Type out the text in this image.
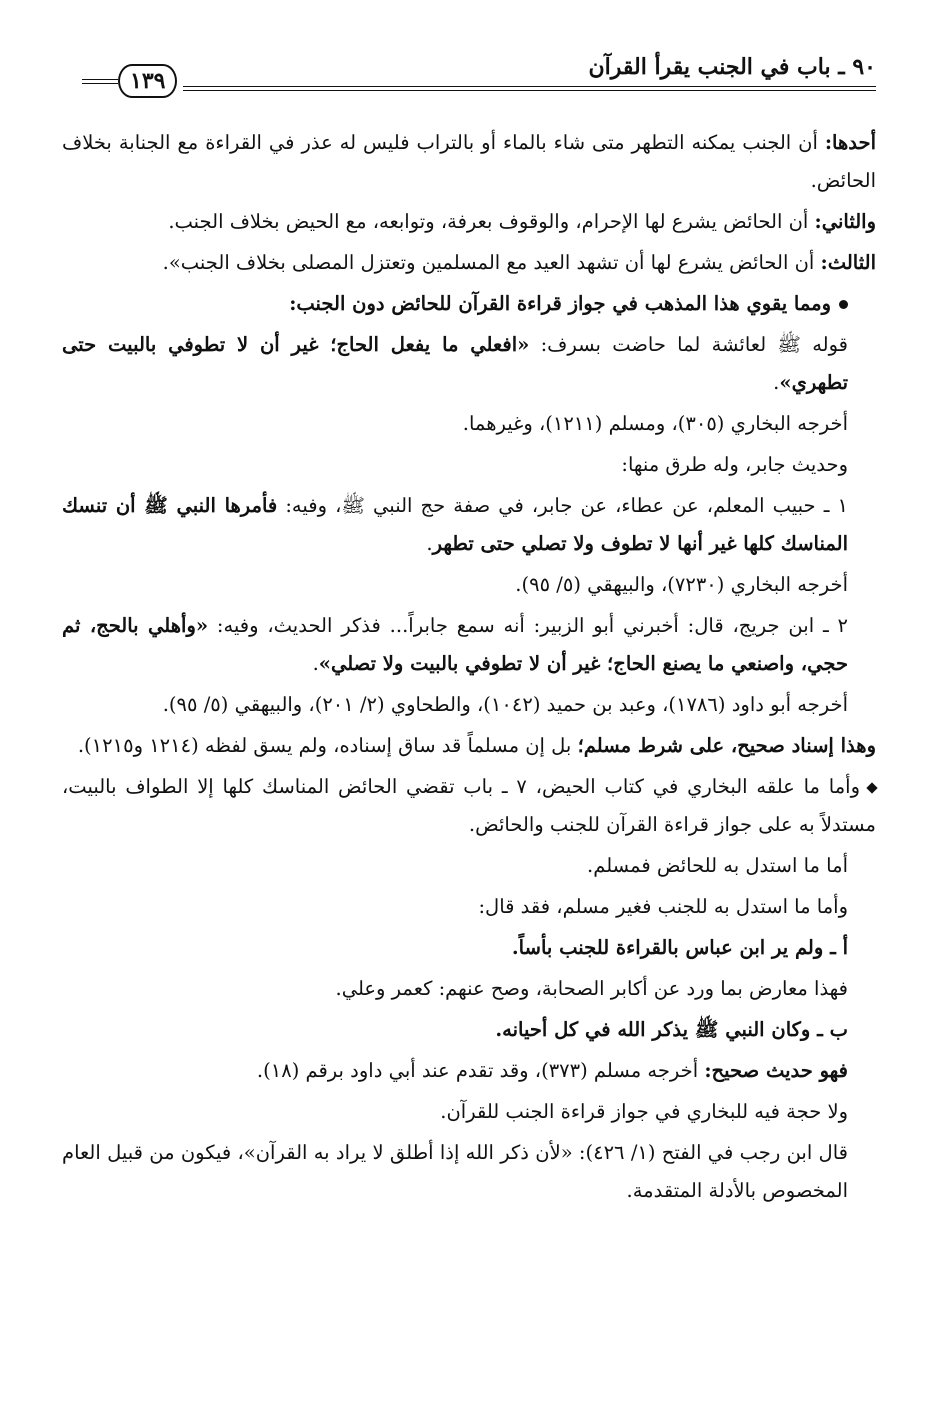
٩٠ ـ باب في الجنب يقرأ القرآن
١٣٩

أحدها: أن الجنب يمكنه التطهر متى شاء بالماء أو بالتراب فليس له عذر في القراءة مع الجنابة بخلاف الحائض.

والثاني: أن الحائض يشرع لها الإحرام، والوقوف بعرفة، وتوابعه، مع الحيض بخلاف الجنب.

الثالث: أن الحائض يشرع لها أن تشهد العيد مع المسلمين وتعتزل المصلى بخلاف الجنب».

ومما يقوي هذا المذهب في جواز قراءة القرآن للحائض دون الجنب:

قوله ﷺ لعائشة لما حاضت بسرف: «افعلي ما يفعل الحاج؛ غير أن لا تطوفي بالبيت حتى تطهري».

أخرجه البخاري (٣٠٥)، ومسلم (١٢١١)، وغيرهما.

وحديث جابر، وله طرق منها:

١ ـ حبيب المعلم، عن عطاء، عن جابر، في صفة حج النبي ﷺ، وفيه: فأمرها النبي ﷺ أن تنسك المناسك كلها غير أنها لا تطوف ولا تصلي حتى تطهر.

أخرجه البخاري (٧٢٣٠)، والبيهقي (٥/ ٩٥).

٢ ـ ابن جريج، قال: أخبرني أبو الزبير: أنه سمع جابراً... فذكر الحديث، وفيه: «وأهلي بالحج، ثم حجي، واصنعي ما يصنع الحاج؛ غير أن لا تطوفي بالبيت ولا تصلي».

أخرجه أبو داود (١٧٨٦)، وعبد بن حميد (١٠٤٢)، والطحاوي (٢/ ٢٠١)، والبيهقي (٥/ ٩٥).

وهذا إسناد صحيح، على شرط مسلم؛ بل إن مسلماً قد ساق إسناده، ولم يسق لفظه (١٢١٤ و١٢١٥).

وأما ما علقه البخاري في كتاب الحيض، ٧ ـ باب تقضي الحائض المناسك كلها إلا الطواف بالبيت، مستدلاً به على جواز قراءة القرآن للجنب والحائض.

أما ما استدل به للحائض فمسلم.

وأما ما استدل به للجنب فغير مسلم، فقد قال:

أ ـ ولم ير ابن عباس بالقراءة للجنب بأساً.

فهذا معارض بما ورد عن أكابر الصحابة، وصح عنهم: كعمر وعلي.

ب ـ وكان النبي ﷺ يذكر الله في كل أحيانه.

فهو حديث صحيح: أخرجه مسلم (٣٧٣)، وقد تقدم عند أبي داود برقم (١٨).

ولا حجة فيه للبخاري في جواز قراءة الجنب للقرآن.

قال ابن رجب في الفتح (١/ ٤٢٦): «لأن ذكر الله إذا أطلق لا يراد به القرآن»، فيكون من قبيل العام المخصوص بالأدلة المتقدمة.
